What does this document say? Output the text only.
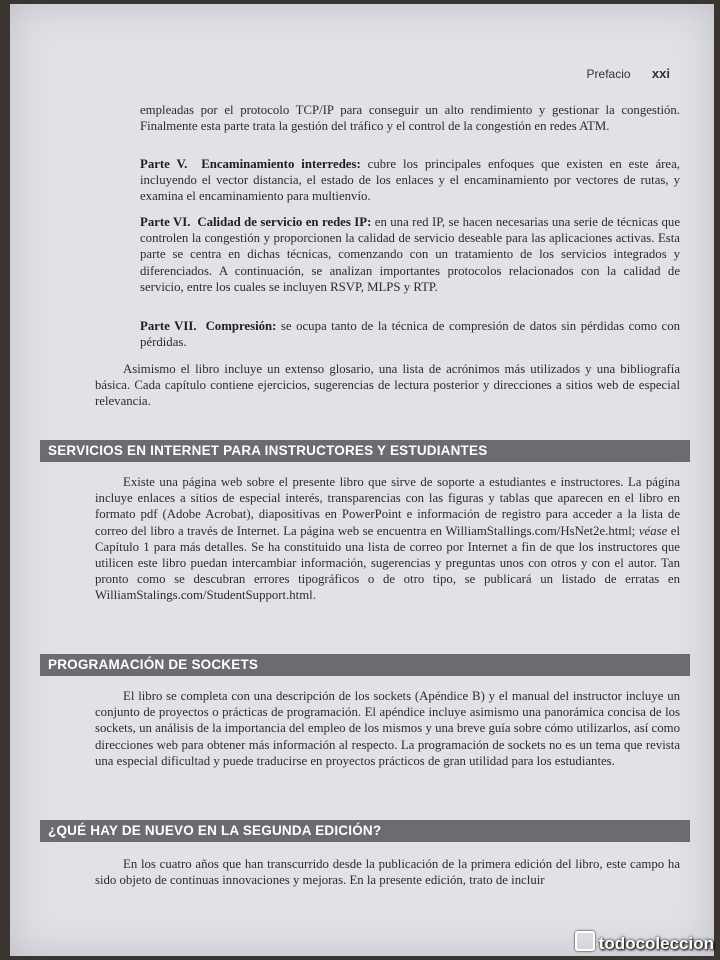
Prefacio xxi
empleadas por el protocolo TCP/IP para conseguir un alto rendimiento y gestionar la congestión. Finalmente esta parte trata la gestión del tráfico y el control de la congestión en redes ATM.
Parte V. Encaminamiento interredes: cubre los principales enfoques que existen en este área, incluyendo el vector distancia, el estado de los enlaces y el encaminamiento por vectores de rutas, y examina el encaminamiento para multienvío.
Parte VI. Calidad de servicio en redes IP: en una red IP, se hacen necesarias una serie de técnicas que controlen la congestión y proporcionen la calidad de servicio deseable para las aplicaciones activas. Esta parte se centra en dichas técnicas, comenzando con un tratamiento de los servicios integrados y diferenciados. A continuación, se analizan importantes protocolos relacionados con la calidad de servicio, entre los cuales se incluyen RSVP, MLPS y RTP.
Parte VII. Compresión: se ocupa tanto de la técnica de compresión de datos sin pérdidas como con pérdidas.
Asimismo el libro incluye un extenso glosario, una lista de acrónimos más utilizados y una bibliografía básica. Cada capítulo contiene ejercicios, sugerencias de lectura posterior y direcciones a sitios web de especial relevancia.
SERVICIOS EN INTERNET PARA INSTRUCTORES Y ESTUDIANTES
Existe una página web sobre el presente libro que sirve de soporte a estudiantes e instructores. La página incluye enlaces a sitios de especial interés, transparencias con las figuras y tablas que aparecen en el libro en formato pdf (Adobe Acrobat), diapositivas en PowerPoint e información de registro para acceder a la lista de correo del libro a través de Internet. La página web se encuentra en WilliamStallings.com/HsNet2e.html; véase el Capítulo 1 para más detalles. Se ha constituido una lista de correo por Internet a fin de que los instructores que utilicen este libro puedan intercambiar información, sugerencias y preguntas unos con otros y con el autor. Tan pronto como se descubran errores tipográficos o de otro tipo, se publicará un listado de erratas en WilliamStalings.com/StudentSupport.html.
PROGRAMACIÓN DE SOCKETS
El libro se completa con una descripción de los sockets (Apéndice B) y el manual del instructor incluye un conjunto de proyectos o prácticas de programación. El apéndice incluye asimismo una panorámica concisa de los sockets, un análisis de la importancia del empleo de los mismos y una breve guía sobre cómo utilizarlos, así como direcciones web para obtener más información al respecto. La programación de sockets no es un tema que revista una especial dificultad y puede traducirse en proyectos prácticos de gran utilidad para los estudiantes.
¿QUÉ HAY DE NUEVO EN LA SEGUNDA EDICIÓN?
En los cuatro años que han transcurrido desde la publicación de la primera edición del libro, este campo ha sido objeto de continuas innovaciones y mejoras. En la presente edición, trato de incluir
todocoleccion
